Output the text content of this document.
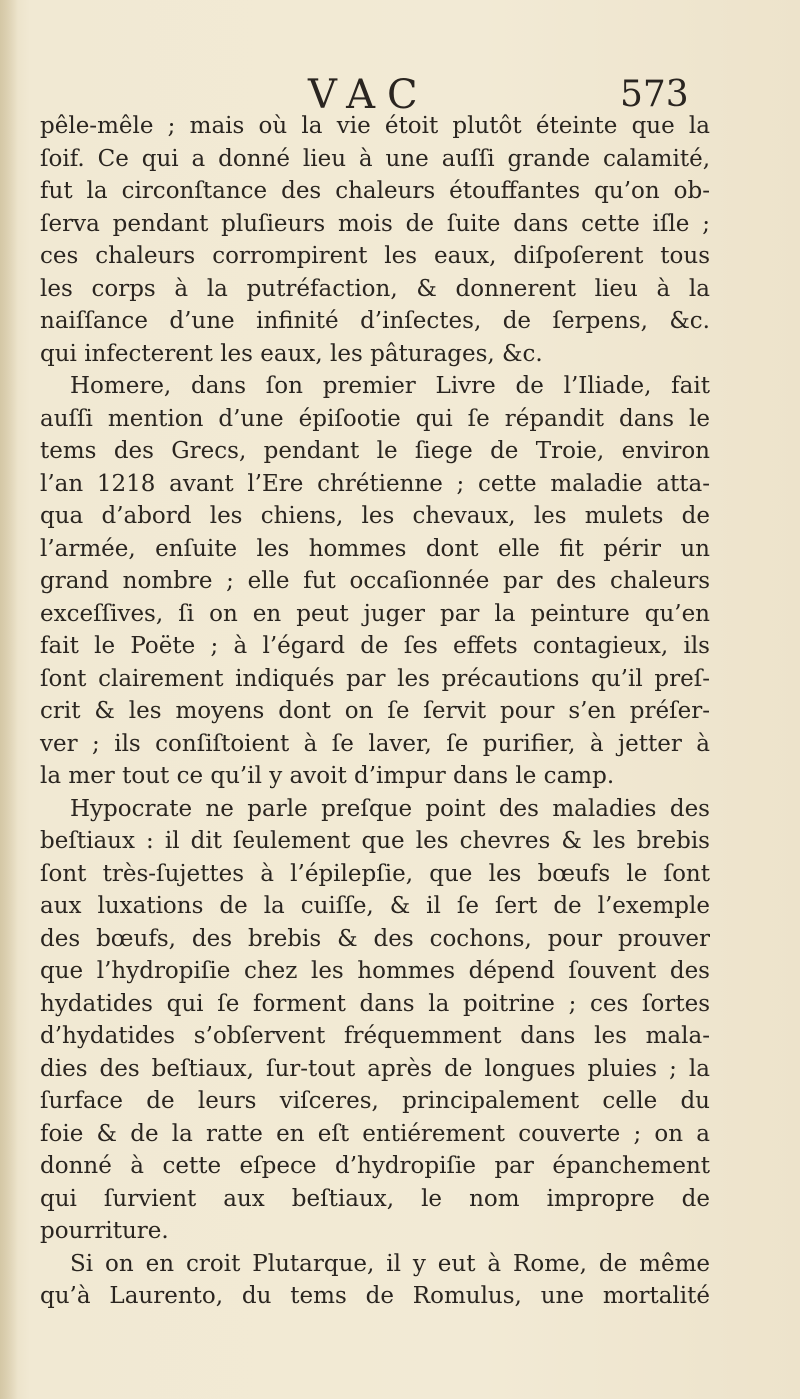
VAC	573
pêle-mêle ; mais où la vie étoit plutôt éteinte que la
ſoif. Ce qui a donné lieu à une auſſi grande calamité,
fut la circonſtance des chaleurs étouffantes qu’on ob-
ſerva pendant pluſieurs mois de ſuite dans cette iſle ;
ces chaleurs corrompirent les eaux, diſpoſerent tous
les corps à la putréfaction, & donnerent lieu à la
naiſſance d’une infinité d’inſectes, de ſerpens, &c.
qui infecterent les eaux, les pâturages, &c.
Homere, dans ſon premier Livre de l’Iliade, fait
auſſi mention d’une épiſootie qui ſe répandit dans le
tems des Grecs, pendant le ſiege de Troie, environ
l’an 1218 avant l’Ere chrétienne ; cette maladie atta-
qua d’abord les chiens, les chevaux, les mulets de
l’armée, enſuite les hommes dont elle fit périr un
grand nombre ; elle fut occaſionnée par des chaleurs
exceſſives, ſi on en peut juger par la peinture qu’en
fait le Poëte ; à l’égard de ſes effets contagieux, ils
ſont clairement indiqués par les précautions qu’il preſ-
crit & les moyens dont on ſe ſervit pour s’en préſer-
ver ; ils conſiſtoient à ſe laver, ſe purifier, à jetter à
la mer tout ce qu’il y avoit d’impur dans le camp.
Hypocrate ne parle preſque point des maladies des
beſtiaux : il dit ſeulement que les chevres & les brebis
ſont très-ſujettes à l’épilepſie, que les bœufs le ſont
aux luxations de la cuiſſe, & il ſe ſert de l’exemple
des bœufs, des brebis & des cochons, pour prouver
que l’hydropiſie chez les hommes dépend ſouvent des
hydatides qui ſe forment dans la poitrine ; ces ſortes
d’hydatides s’obſervent fréquemment dans les mala-
dies des beſtiaux, ſur-tout après de longues pluies ; la
ſurface de leurs viſceres, principalement celle du
foie & de la ratte en eſt entiérement couverte ; on a
donné à cette eſpece d’hydropiſie par épanchement
qui ſurvient aux beſtiaux, le nom impropre de
pourriture.
Si on en croit Plutarque, il y eut à Rome, de même
qu’à Laurento, du tems de Romulus, une mortalité
